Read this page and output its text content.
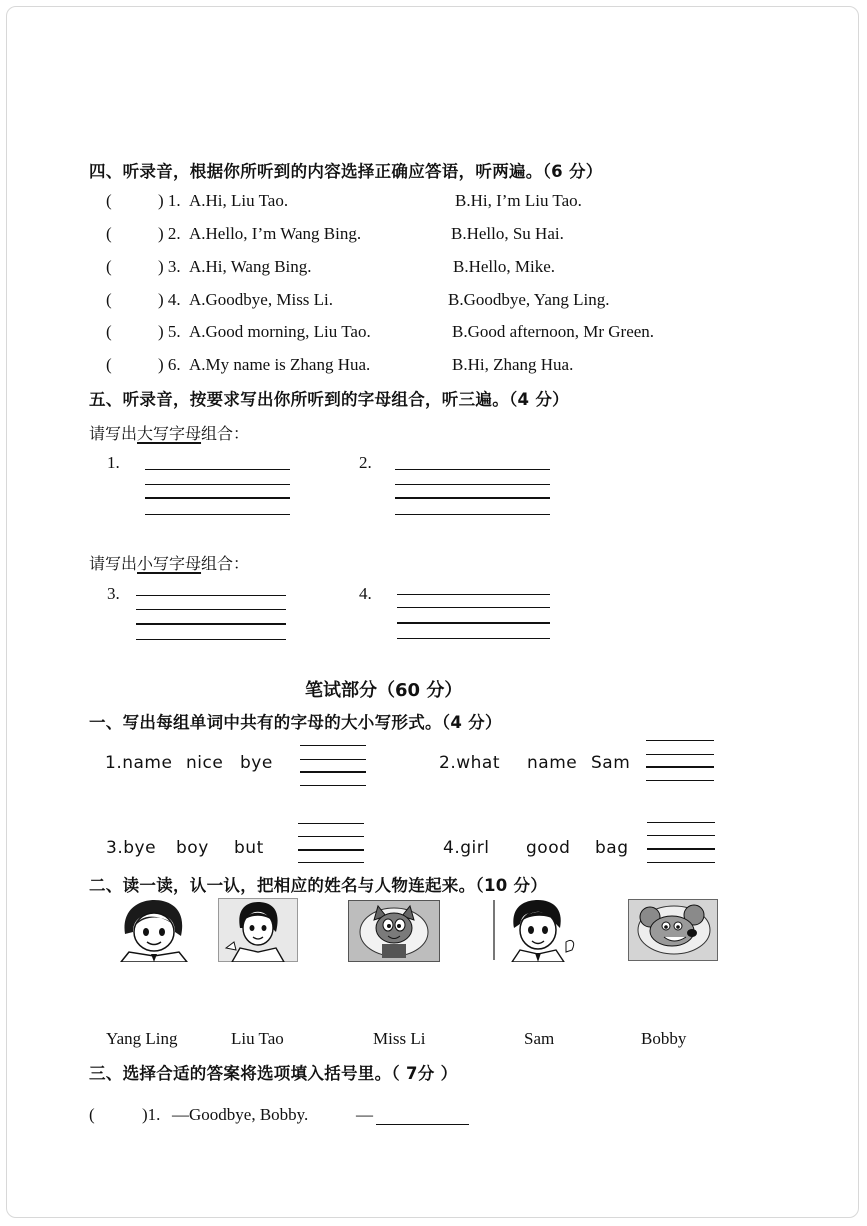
四、听录音，根据你所听到的内容选择正确应答语，听两遍。（6 分）
(	) 1. A.Hi, Liu Tao.	B.Hi, I’m Liu Tao.
(	) 2. A.Hello, I’m Wang Bing.	B.Hello, Su Hai.
(	) 3. A.Hi, Wang Bing.	B.Hello, Mike.
(	) 4. A.Goodbye, Miss Li.	B.Goodbye, Yang Ling.
(	) 5. A.Good morning, Liu Tao.	B.Good afternoon, Mr Green.
(	) 6. A.My name is Zhang Hua.	B.Hi, Zhang Hua.
五、听录音，按要求写出你所听到的字母组合，听三遍。（4 分）
请写出大写字母组合：
1.	2.
请写出小写字母组合：
3.	4.
笔试部分（60 分）
一、写出每组单词中共有的字母的大小写形式。（4 分）
1.name nice bye	2.what name Sam
3.bye boy but	4.girl good bag
二、读一读，认一认，把相应的姓名与人物连起来。（10 分）
Yang Ling	Liu Tao	Miss Li	Sam	Bobby
三、选择合适的答案将选项填入括号里。（ 7分 ）
(	)1. —Goodbye, Bobby.	—
